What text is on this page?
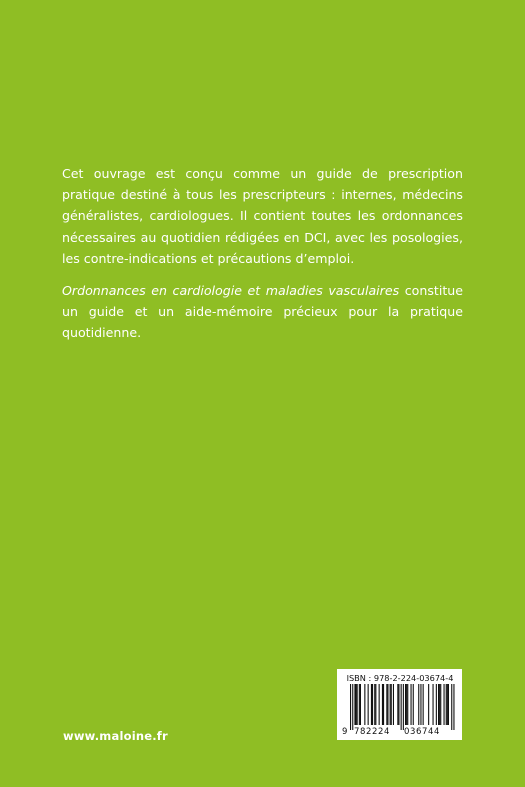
Cet ouvrage est conçu comme un guide de prescription pratique destiné à tous les prescripteurs : internes, médecins généralistes, cardiologues. Il contient toutes les ordonnances nécessaires au quotidien rédigées en DCI, avec les posologies, les contre-indications et précautions d’emploi.

Ordonnances en cardiologie et maladies vasculaires constitue un guide et un aide-mémoire précieux pour la pratique quotidienne.

www.maloine.fr
ISBN : 978-2-224-03674-4
9 782224 036744
